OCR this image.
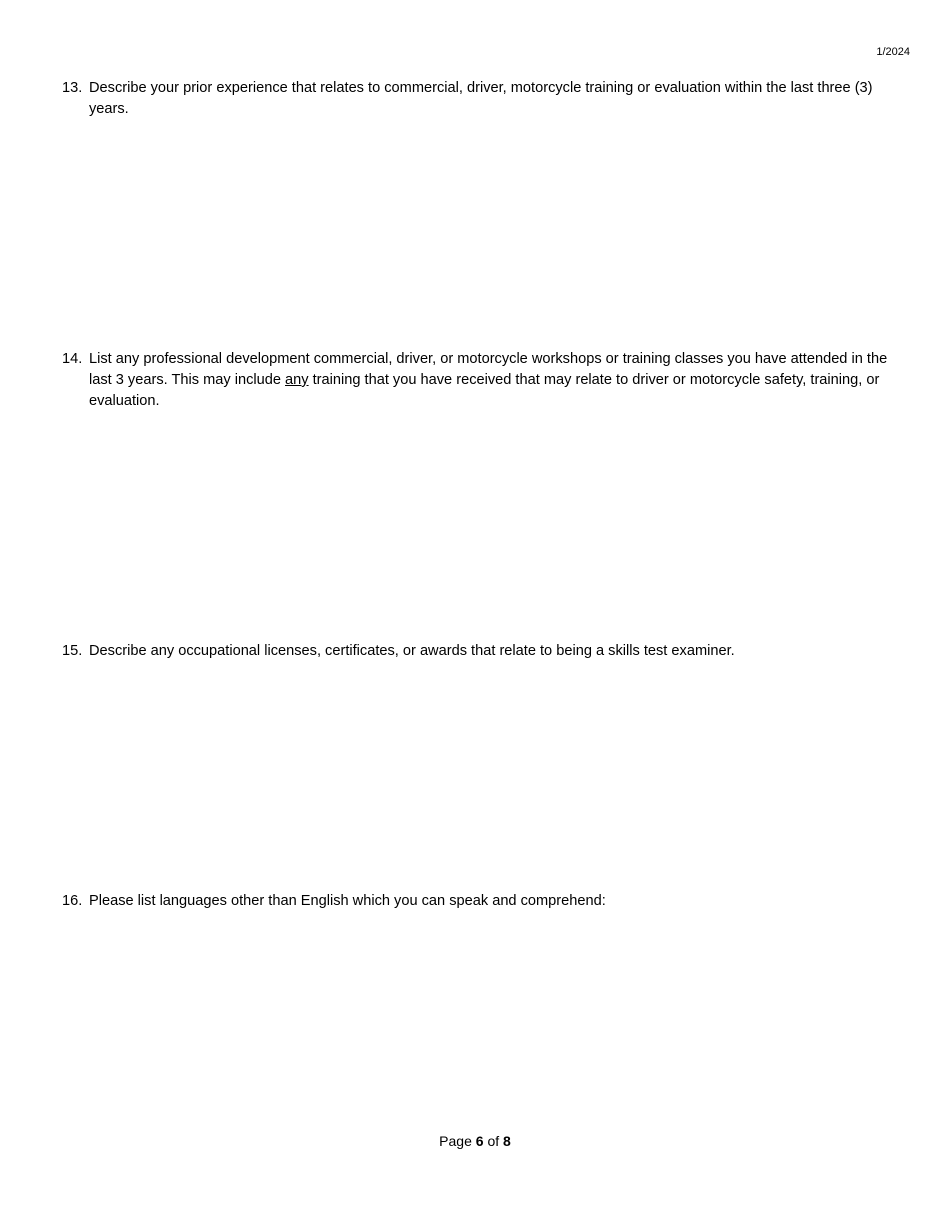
1/2024
13. Describe your prior experience that relates to commercial, driver, motorcycle training or evaluation within the last three (3) years.
14. List any professional development commercial, driver, or motorcycle workshops or training classes you have attended in the last 3 years. This may include any training that you have received that may relate to driver or motorcycle safety, training, or evaluation.
15. Describe any occupational licenses, certificates, or awards that relate to being a skills test examiner.
16. Please list languages other than English which you can speak and comprehend:
Page 6 of 8
